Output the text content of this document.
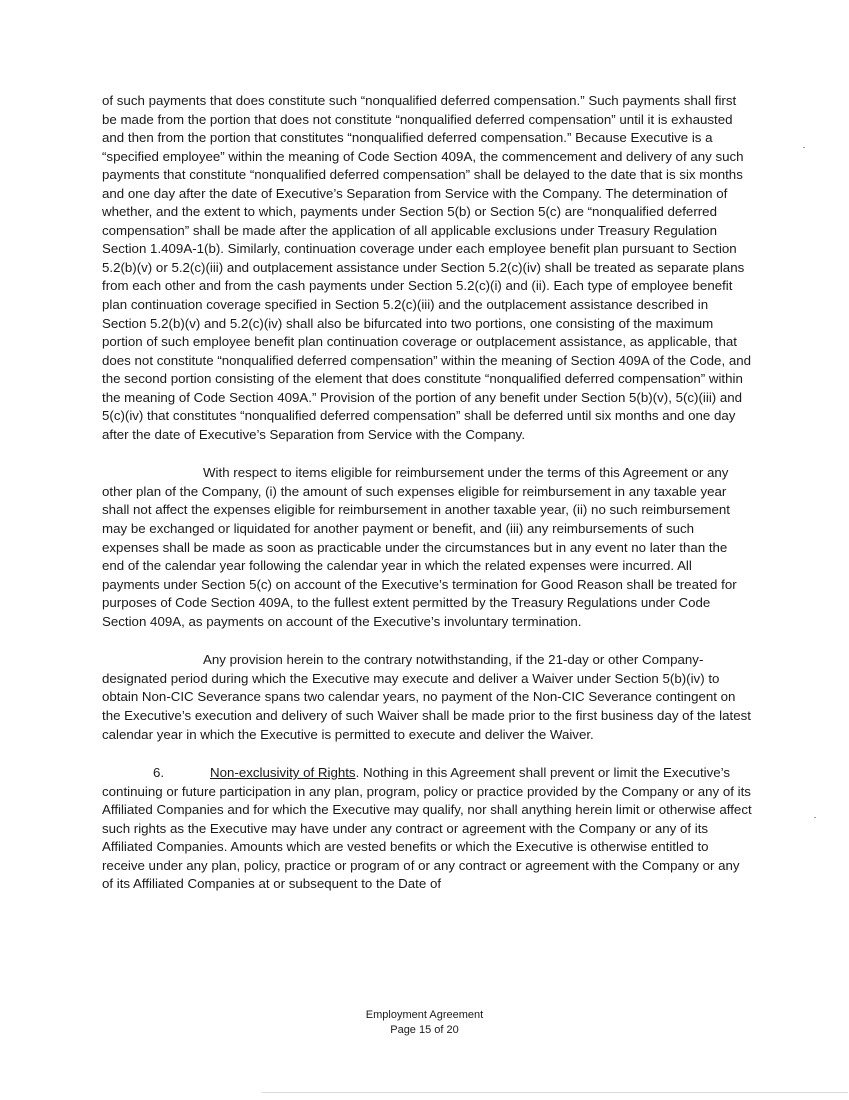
of such payments that does constitute such “nonqualified deferred compensation.” Such payments shall first be made from the portion that does not constitute “nonqualified deferred compensation” until it is exhausted and then from the portion that constitutes “nonqualified deferred compensation.” Because Executive is a “specified employee” within the meaning of Code Section 409A, the commencement and delivery of any such payments that constitute “nonqualified deferred compensation” shall be delayed to the date that is six months and one day after the date of Executive’s Separation from Service with the Company. The determination of whether, and the extent to which, payments under Section 5(b) or Section 5(c) are “nonqualified deferred compensation” shall be made after the application of all applicable exclusions under Treasury Regulation Section 1.409A-1(b). Similarly, continuation coverage under each employee benefit plan pursuant to Section 5.2(b)(v) or 5.2(c)(iii) and outplacement assistance under Section 5.2(c)(iv) shall be treated as separate plans from each other and from the cash payments under Section 5.2(c)(i) and (ii). Each type of employee benefit plan continuation coverage specified in Section 5.2(c)(iii) and the outplacement assistance described in Section 5.2(b)(v) and 5.2(c)(iv) shall also be bifurcated into two portions, one consisting of the maximum portion of such employee benefit plan continuation coverage or outplacement assistance, as applicable, that does not constitute “nonqualified deferred compensation” within the meaning of Section 409A of the Code, and the second portion consisting of the element that does constitute “nonqualified deferred compensation” within the meaning of Code Section 409A.” Provision of the portion of any benefit under Section 5(b)(v), 5(c)(iii) and 5(c)(iv) that constitutes “nonqualified deferred compensation” shall be deferred until six months and one day after the date of Executive’s Separation from Service with the Company.

With respect to items eligible for reimbursement under the terms of this Agreement or any other plan of the Company, (i) the amount of such expenses eligible for reimbursement in any taxable year shall not affect the expenses eligible for reimbursement in another taxable year, (ii) no such reimbursement may be exchanged or liquidated for another payment or benefit, and (iii) any reimbursements of such expenses shall be made as soon as practicable under the circumstances but in any event no later than the end of the calendar year following the calendar year in which the related expenses were incurred. All payments under Section 5(c) on account of the Executive’s termination for Good Reason shall be treated for purposes of Code Section 409A, to the fullest extent permitted by the Treasury Regulations under Code Section 409A, as payments on account of the Executive’s involuntary termination.

Any provision herein to the contrary notwithstanding, if the 21-day or other Company-designated period during which the Executive may execute and deliver a Waiver under Section 5(b)(iv) to obtain Non-CIC Severance spans two calendar years, no payment of the Non-CIC Severance contingent on the Executive’s execution and delivery of such Waiver shall be made prior to the first business day of the latest calendar year in which the Executive is permitted to execute and deliver the Waiver.

6.	Non-exclusivity of Rights. Nothing in this Agreement shall prevent or limit the Executive’s continuing or future participation in any plan, program, policy or practice provided by the Company or any of its Affiliated Companies and for which the Executive may qualify, nor shall anything herein limit or otherwise affect such rights as the Executive may have under any contract or agreement with the Company or any of its Affiliated Companies. Amounts which are vested benefits or which the Executive is otherwise entitled to receive under any plan, policy, practice or program of or any contract or agreement with the Company or any of its Affiliated Companies at or subsequent to the Date of

Employment Agreement
Page 15 of 20
